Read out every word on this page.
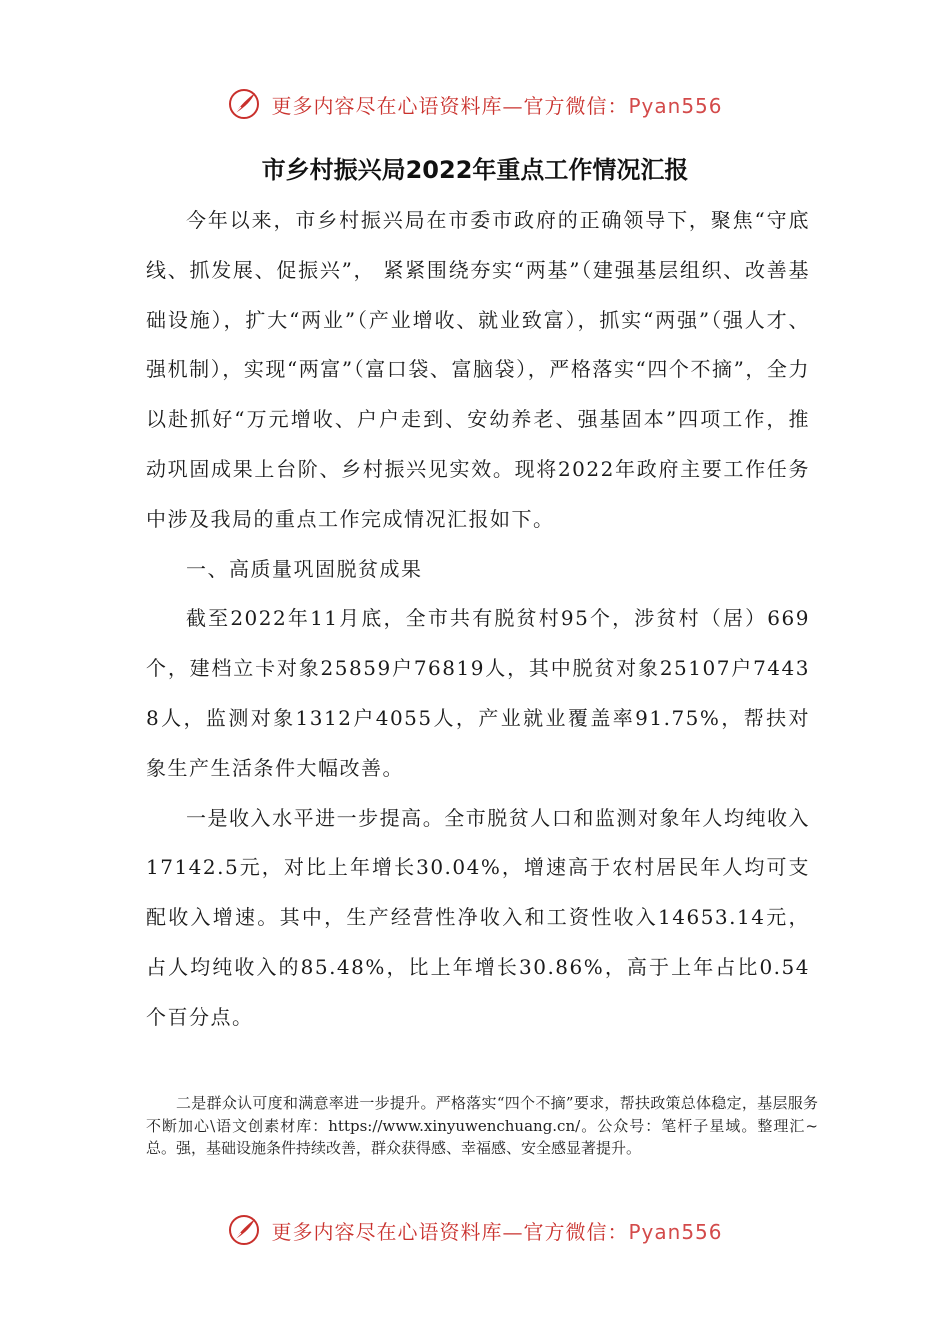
更多内容尽在心语资料库—官方微信：Pyan556
市乡村振兴局2022年重点工作情况汇报

今年以来，市乡村振兴局在市委市政府的正确领导下，聚焦“守底线、抓发展、促振兴”， 紧紧围绕夯实“两基”（建强基层组织、改善基础设施），扩大“两业”（产业增收、就业致富），抓实“两强”（强人才、强机制），实现“两富”（富口袋、富脑袋），严格落实“四个不摘”，全力以赴抓好“万元增收、户户走到、安幼养老、强基固本”四项工作，推动巩固成果上台阶、乡村振兴见实效。现将2022年政府主要工作任务中涉及我局的重点工作完成情况汇报如下。

一、高质量巩固脱贫成果

截至2022年11月底，全市共有脱贫村95个，涉贫村（居）669个，建档立卡对象25859户76819人，其中脱贫对象25107户74438人，监测对象1312户4055人，产业就业覆盖率91.75%，帮扶对象生产生活条件大幅改善。

一是收入水平进一步提高。全市脱贫人口和监测对象年人均纯收入17142.5元，对比上年增长30.04%，增速高于农村居民年人均可支配收入增速。其中，生产经营性净收入和工资性收入14653.14元，占人均纯收入的85.48%，比上年增长30.86%，高于上年占比0.54个百分点。

二是群众认可度和满意率进一步提升。严格落实“四个不摘”要求，帮扶政策总体稳定，基层服务不断加心\语文创素材库：https://www.xinyuwenchuang.cn/。公众号：笔杆子星域。整理汇~总。强，基础设施条件持续改善，群众获得感、幸福感、安全感显著提升。

更多内容尽在心语资料库—官方微信：Pyan556
